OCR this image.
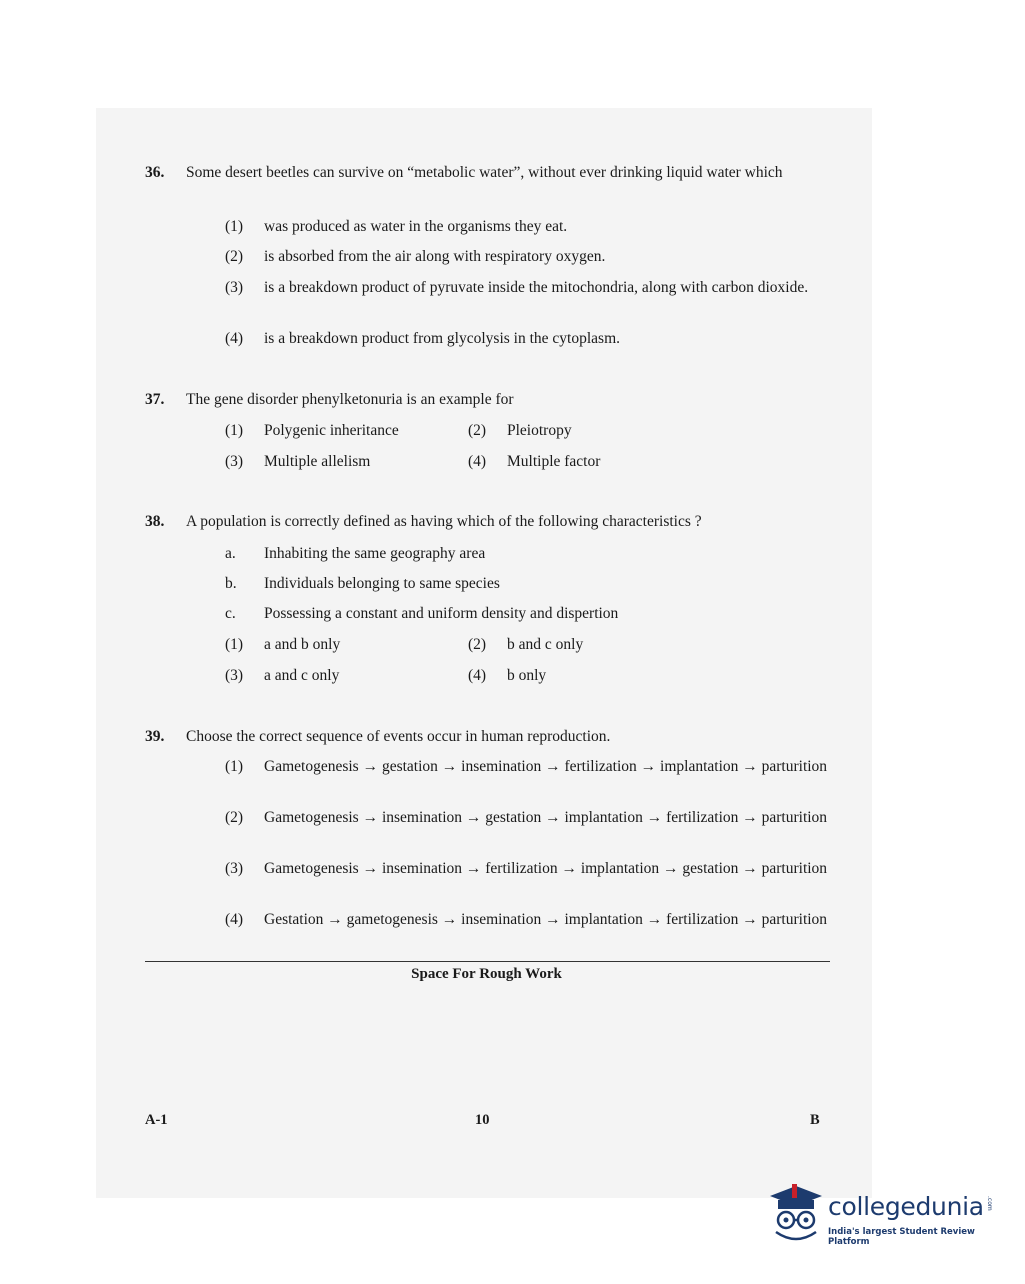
36. Some desert beetles can survive on “metabolic water”, without ever drinking liquid water which
(1) was produced as water in the organisms they eat.
(2) is absorbed from the air along with respiratory oxygen.
(3) is a breakdown product of pyruvate inside the mitochondria, along with carbon dioxide.
(4) is a breakdown product from glycolysis in the cytoplasm.
37. The gene disorder phenylketonuria is an example for
(1) Polygenic inheritance	(2) Pleiotropy
(3) Multiple allelism	(4) Multiple factor
38. A population is correctly defined as having which of the following characteristics ?
a. Inhabiting the same geography area
b. Individuals belonging to same species
c. Possessing a constant and uniform density and dispertion
(1) a and b only	(2) b and c only
(3) a and c only	(4) b only
39. Choose the correct sequence of events occur in human reproduction.
(1) Gametogenesis → gestation → insemination → fertilization → implantation → parturition
(2) Gametogenesis → insemination → gestation → implantation → fertilization → parturition
(3) Gametogenesis → insemination → fertilization → implantation → gestation → parturition
(4) Gestation → gametogenesis → insemination → implantation → fertilization → parturition
Space For Rough Work
A-1	10	B
collegedunia .com
India's largest Student Review Platform
